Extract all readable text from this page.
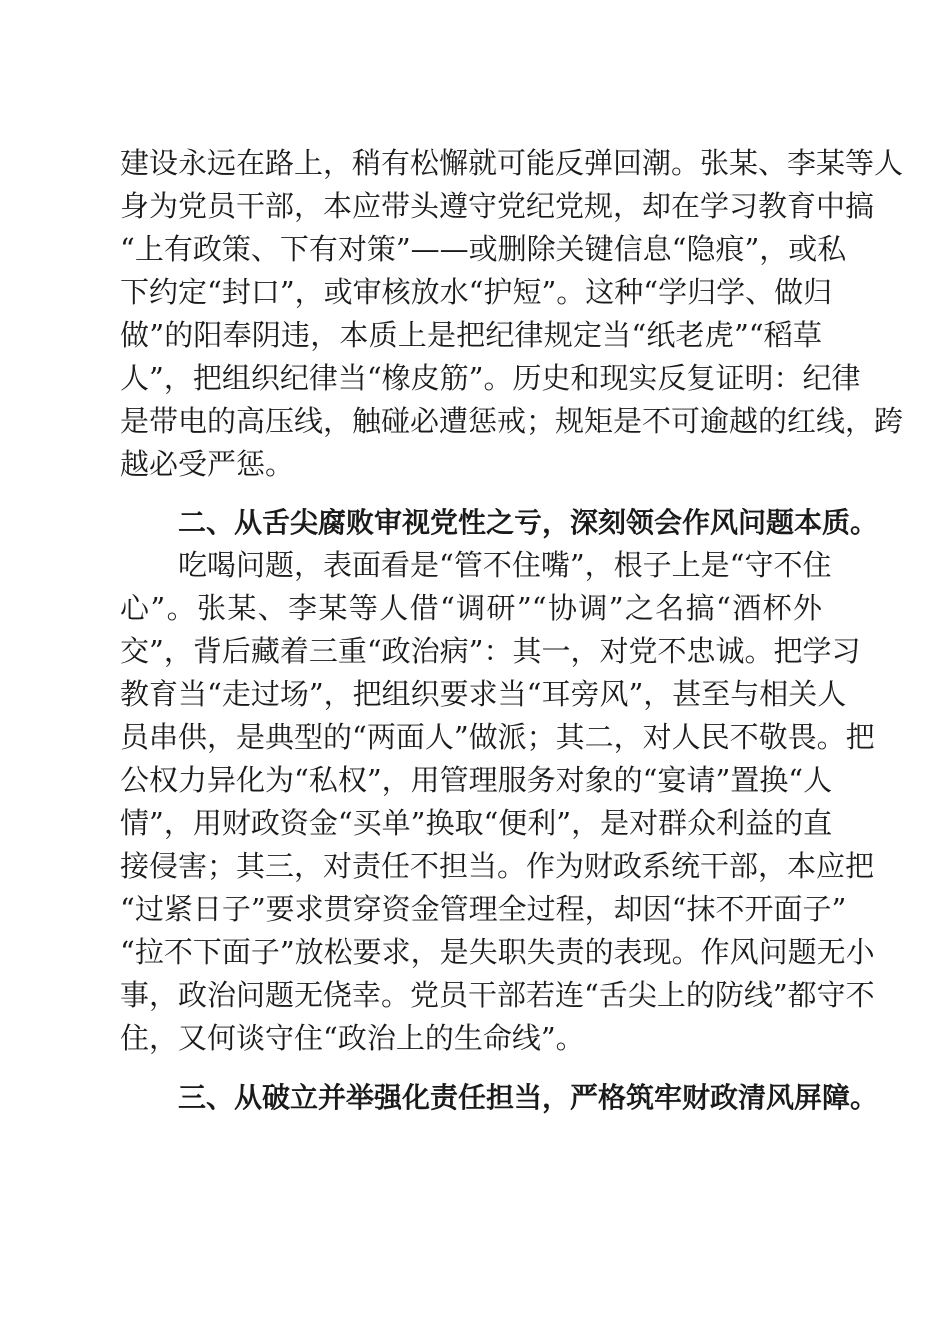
建设永远在路上，稍有松懈就可能反弹回潮。张某、李某等人
身为党员干部，本应带头遵守党纪党规，却在学习教育中搞
“上有政策、下有对策”——或删除关键信息“隐痕”，或私
下约定“封口”，或审核放水“护短”。这种“学归学、做归
做”的阳奉阴违，本质上是把纪律规定当“纸老虎”“稻草
人”，把组织纪律当“橡皮筋”。历史和现实反复证明：纪律
是带电的高压线，触碰必遭惩戒；规矩是不可逾越的红线，跨
越必受严惩。
二、从舌尖腐败审视党性之亏，深刻领会作风问题本质。
吃喝问题，表面看是“管不住嘴”，根子上是“守不住
心”。张某、李某等人借“调研”“协调”之名搞“酒杯外
交”，背后藏着三重“政治病”：其一，对党不忠诚。把学习
教育当“走过场”，把组织要求当“耳旁风”，甚至与相关人
员串供，是典型的“两面人”做派；其二，对人民不敬畏。把
公权力异化为“私权”，用管理服务对象的“宴请”置换“人
情”，用财政资金“买单”换取“便利”，是对群众利益的直
接侵害；其三，对责任不担当。作为财政系统干部，本应把
“过紧日子”要求贯穿资金管理全过程，却因“抹不开面子”
“拉不下面子”放松要求，是失职失责的表现。作风问题无小
事，政治问题无侥幸。党员干部若连“舌尖上的防线”都守不
住，又何谈守住“政治上的生命线”。
三、从破立并举强化责任担当，严格筑牢财政清风屏障。
